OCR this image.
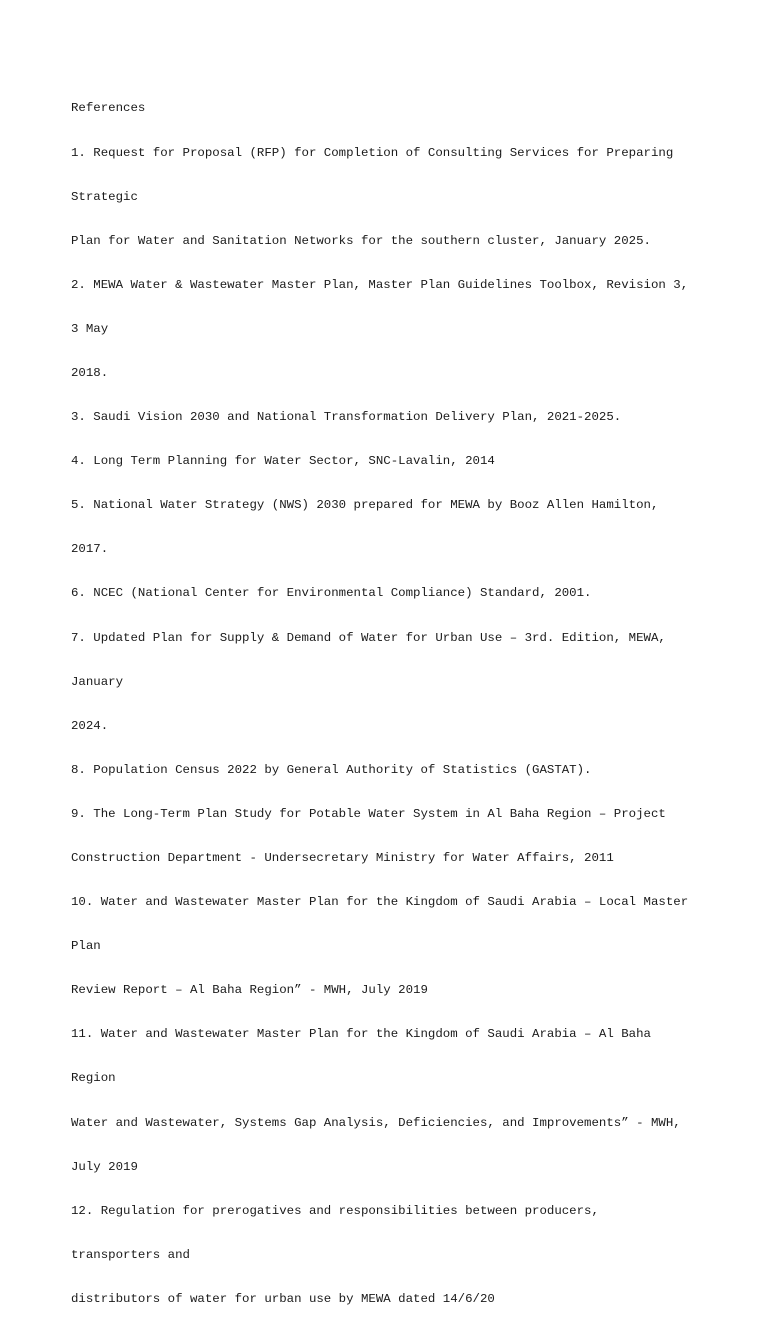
References

1. Request for Proposal (RFP) for Completion of Consulting Services for Preparing

Strategic

Plan for Water and Sanitation Networks for the southern cluster, January 2025.

2. MEWA Water & Wastewater Master Plan, Master Plan Guidelines Toolbox, Revision 3,

3 May

2018.

3. Saudi Vision 2030 and National Transformation Delivery Plan, 2021-2025.

4. Long Term Planning for Water Sector, SNC-Lavalin, 2014

5. National Water Strategy (NWS) 2030 prepared for MEWA by Booz Allen Hamilton,

2017.

6. NCEC (National Center for Environmental Compliance) Standard, 2001.

7. Updated Plan for Supply & Demand of Water for Urban Use – 3rd. Edition, MEWA,

January

2024.

8. Population Census 2022 by General Authority of Statistics (GASTAT).

9. The Long-Term Plan Study for Potable Water System in Al Baha Region – Project

Construction Department - Undersecretary Ministry for Water Affairs, 2011

10. Water and Wastewater Master Plan for the Kingdom of Saudi Arabia – Local Master

Plan

Review Report – Al Baha Region” - MWH, July 2019

11. Water and Wastewater Master Plan for the Kingdom of Saudi Arabia – Al Baha

Region

Water and Wastewater, Systems Gap Analysis, Deficiencies, and Improvements” - MWH,

July 2019

12. Regulation for prerogatives and responsibilities between producers,

transporters and

distributors of water for urban use by MEWA dated 14/6/20
